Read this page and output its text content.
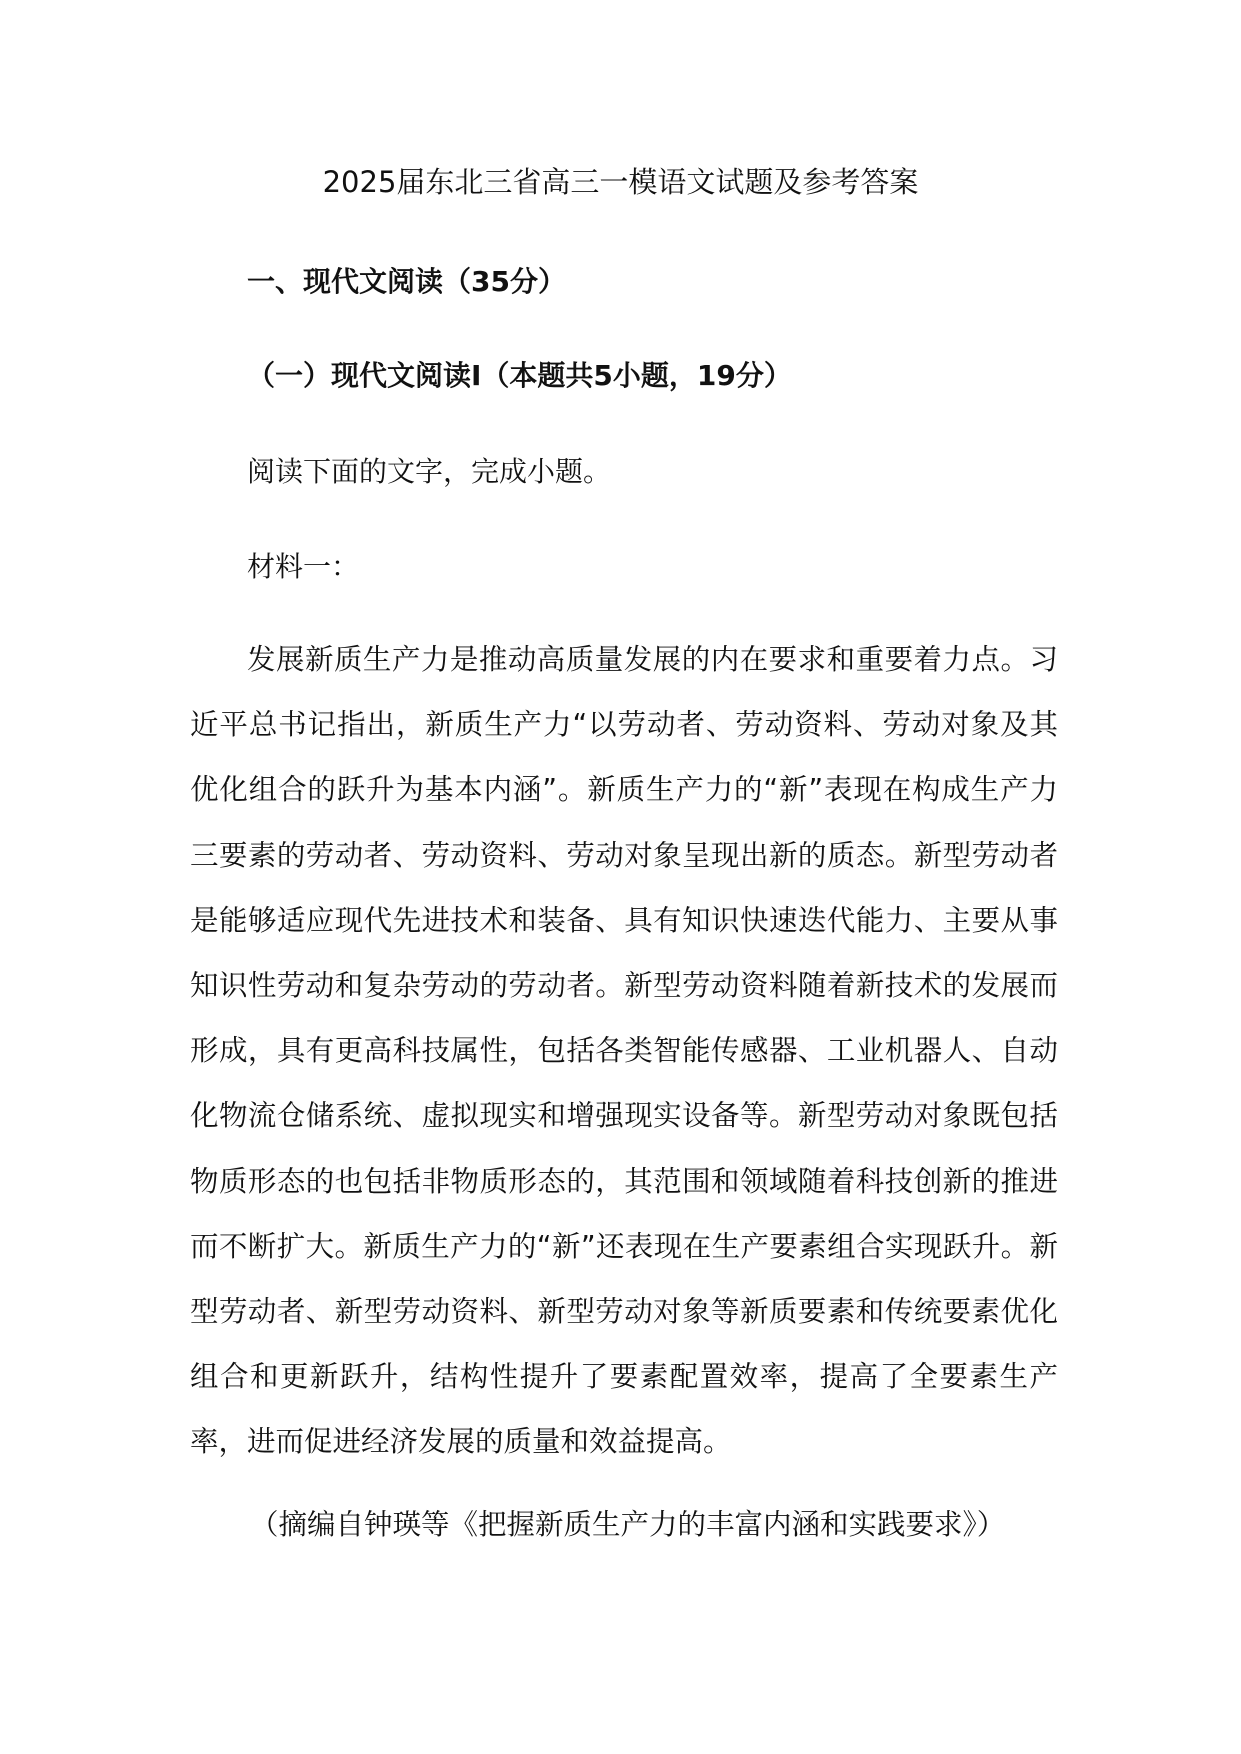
2025届东北三省高三一模语文试题及参考答案
一、现代文阅读（35分）
（一）现代文阅读Ⅰ（本题共5小题，19分）
阅读下面的文字，完成小题。
材料一：
发展新质生产力是推动高质量发展的内在要求和重要着力点。习近平总书记指出，新质生产力“以劳动者、劳动资料、劳动对象及其优化组合的跃升为基本内涵”。新质生产力的“新”表现在构成生产力三要素的劳动者、劳动资料、劳动对象呈现出新的质态。新型劳动者是能够适应现代先进技术和装备、具有知识快速迭代能力、主要从事知识性劳动和复杂劳动的劳动者。新型劳动资料随着新技术的发展而形成，具有更高科技属性，包括各类智能传感器、工业机器人、自动化物流仓储系统、虚拟现实和增强现实设备等。新型劳动对象既包括物质形态的也包括非物质形态的，其范围和领域随着科技创新的推进而不断扩大。新质生产力的“新”还表现在生产要素组合实现跃升。新型劳动者、新型劳动资料、新型劳动对象等新质要素和传统要素优化组合和更新跃升，结构性提升了要素配置效率，提高了全要素生产率，进而促进经济发展的质量和效益提高。
（摘编自钟瑛等《把握新质生产力的丰富内涵和实践要求》）
